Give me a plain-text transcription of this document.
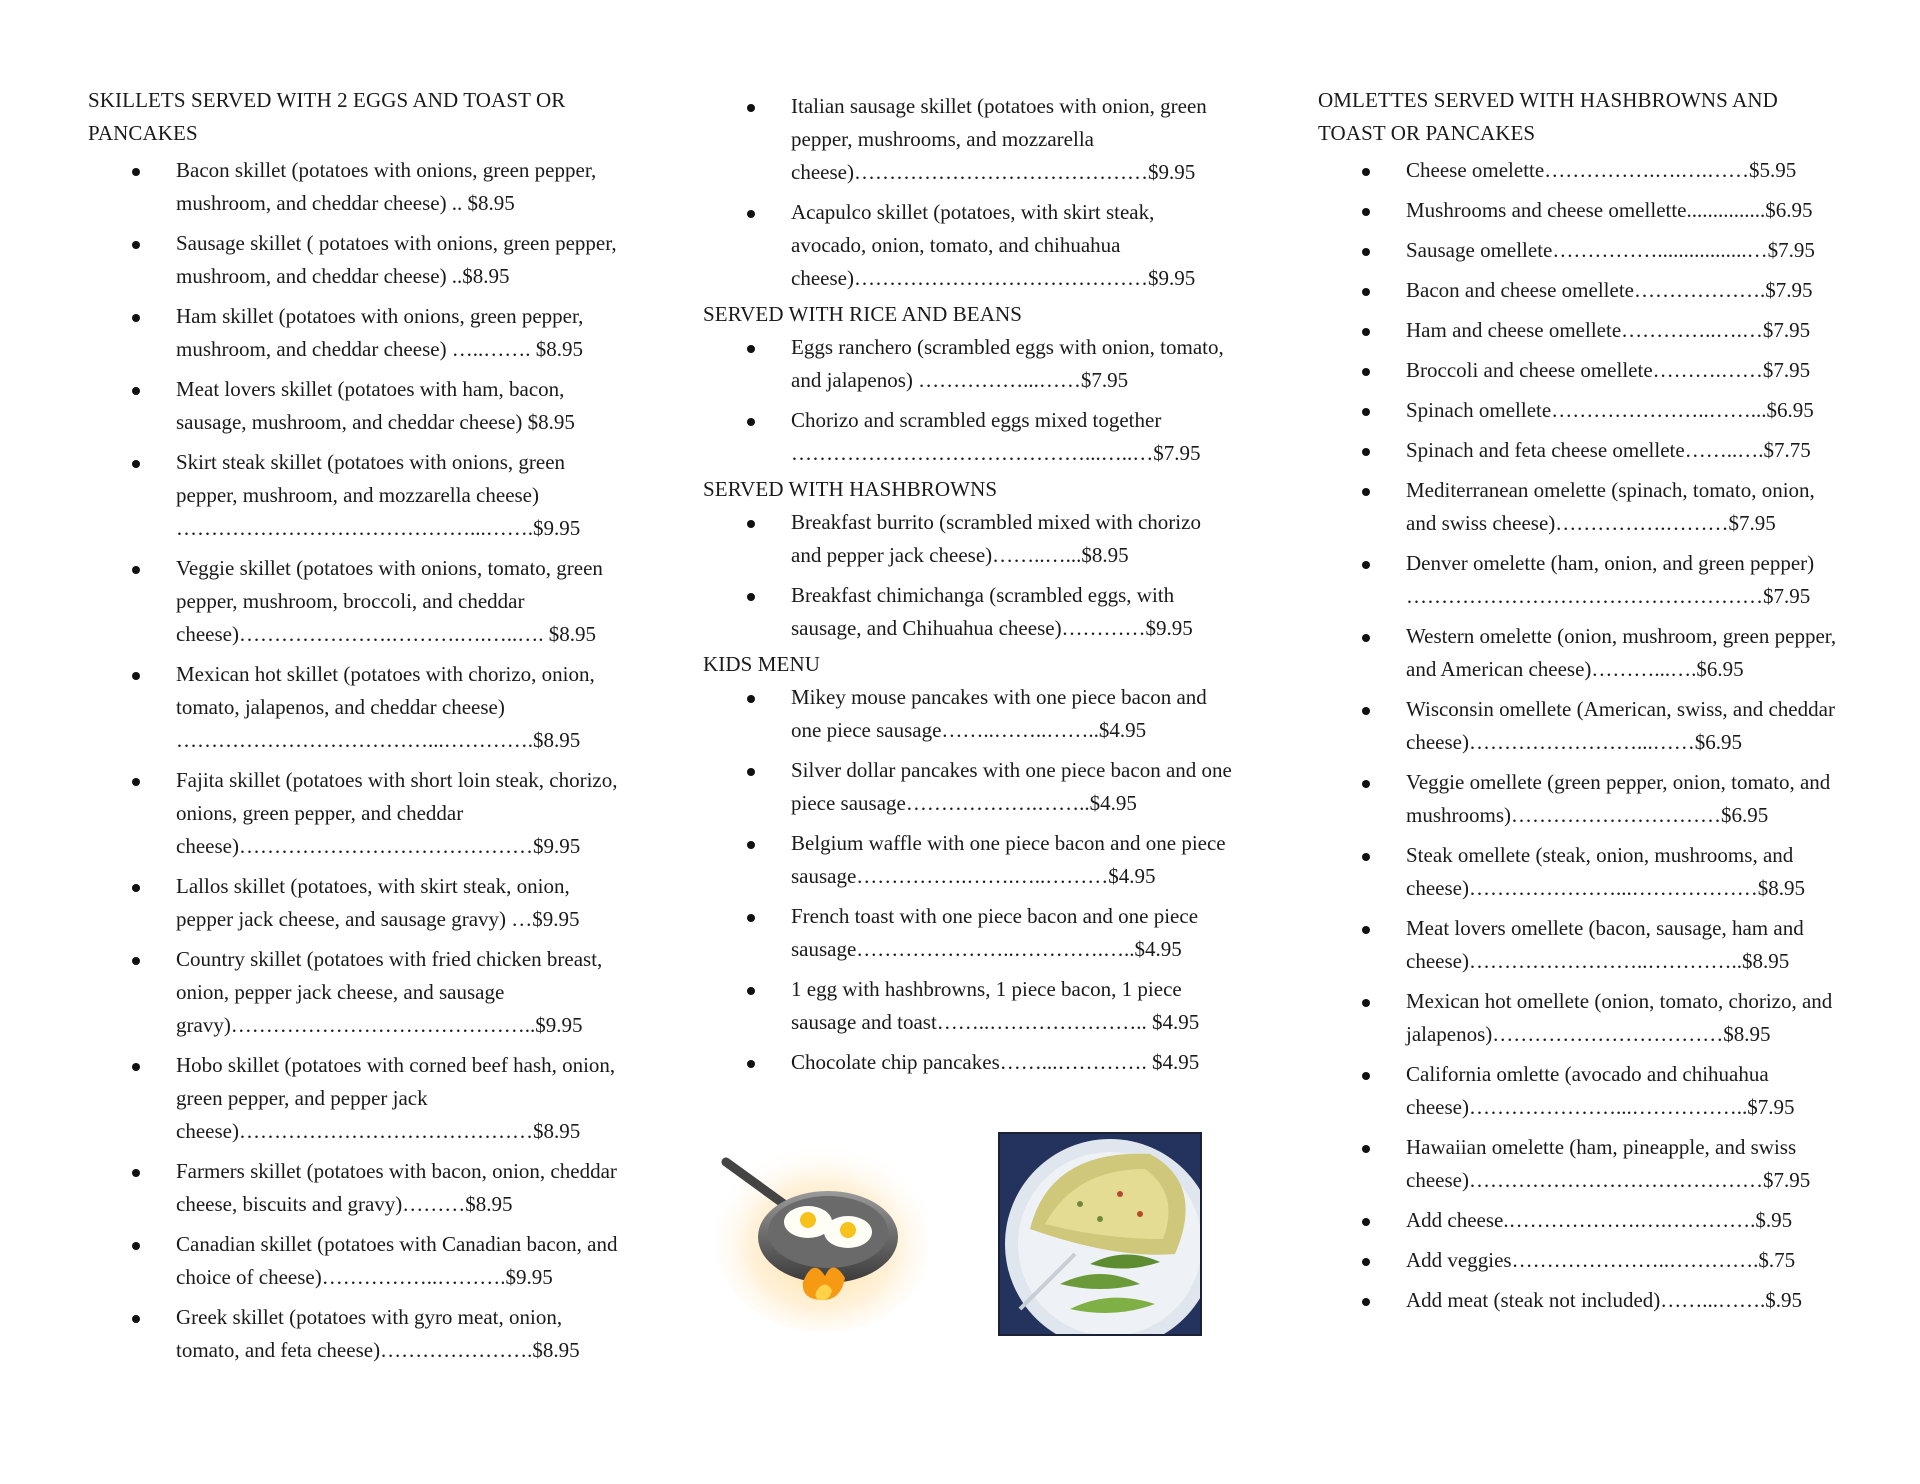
SKILLETS SERVED WITH 2 EGGS AND TOAST OR PANCAKES

Bacon skillet (potatoes with onions, green pepper, mushroom, and cheddar cheese) .. $8.95
Sausage skillet ( potatoes with onions, green pepper, mushroom, and cheddar cheese) ..$8.95
Ham skillet (potatoes with onions, green pepper, mushroom, and cheddar cheese) …..……. $8.95
Meat lovers skillet (potatoes with ham, bacon, sausage, mushroom, and cheddar cheese) $8.95
Skirt steak skillet (potatoes with onions, green pepper, mushroom, and mozzarella cheese) ……………………………………...…….$9.95
Veggie skillet (potatoes with onions, tomato, green pepper, mushroom, broccoli, and cheddar cheese)………………….……….….…..…. $8.95
Mexican hot skillet (potatoes with chorizo, onion, tomato, jalapenos, and cheddar cheese) ………………………………...………….$8.95
Fajita skillet (potatoes with short loin steak, chorizo, onions, green pepper, and cheddar cheese)……………………………………$9.95
Lallos skillet (potatoes, with skirt steak, onion, pepper jack cheese, and sausage gravy) …$9.95
Country skillet (potatoes with fried chicken breast, onion, pepper jack cheese, and sausage gravy)……………………………………..$9.95
Hobo skillet (potatoes with corned beef hash, onion, green pepper, and pepper jack cheese)……………………………………$8.95
Farmers skillet (potatoes with bacon, onion, cheddar cheese, biscuits and gravy)………$8.95
Canadian skillet (potatoes with Canadian bacon, and choice of cheese)……………..……….$9.95
Greek skillet (potatoes with gyro meat, onion, tomato, and feta cheese)………………….$8.95
Italian sausage skillet (potatoes with onion, green pepper, mushrooms, and mozzarella cheese)……………………………………$9.95
Acapulco skillet (potatoes, with skirt steak, avocado, onion, tomato, and chihuahua cheese)……………………………………$9.95

SERVED WITH RICE AND BEANS

Eggs ranchero (scrambled eggs with onion, tomato, and jalapenos) ……………...……$7.95
Chorizo and scrambled eggs mixed together ……………………………………...…..…$7.95

SERVED WITH HASHBROWNS

Breakfast burrito (scrambled mixed with chorizo and pepper jack cheese)……..…...$8.95
Breakfast chimichanga (scrambled eggs, with sausage, and Chihuahua cheese)…………$9.95

KIDS MENU

Mikey mouse pancakes with one piece bacon and one piece sausage……..……..……..$4.95
Silver dollar pancakes with one piece bacon and one piece sausage……………….……..$4.95
Belgium waffle with one piece bacon and one piece sausage…………….…….…..………$4.95
French toast with one piece bacon and one piece sausage…………………..………….…..$4.95
1 egg with hashbrowns, 1 piece bacon, 1 piece sausage and toast……..………………….. $4.95
Chocolate chip pancakes……...…………. $4.95

OMLETTES SERVED WITH HASHBROWNS AND TOAST OR PANCAKES

Cheese omelette…………….….….……$5.95
Mushrooms and cheese omellette...............$6.95
Sausage omellete…………….................…$7.95
Bacon and cheese omellete……………….$7.95
Ham and cheese omellete…………..….…$7.95
Broccoli and cheese omellete……….……$7.95
Spinach omellete…………………..……...$6.95
Spinach and feta cheese omellete……..….$7.75
Mediterranean omelette (spinach, tomato, onion, and swiss cheese)…………….………$7.95
Denver omelette (ham, onion, and green pepper) ……………………………………………$7.95
Western omelette (onion, mushroom, green pepper, and American cheese)………...….$6.95
Wisconsin omellete (American, swiss, and cheddar cheese)……………………...……$6.95
Veggie omellete (green pepper, onion, tomato, and mushrooms)…………………………$6.95
Steak omellete (steak, onion, mushrooms, and cheese)…………………...………………$8.95
Meat lovers omellete (bacon, sausage, ham and cheese)……………………..…………..$8.95
Mexican hot omellete (onion, tomato, chorizo, and jalapenos)……………………………$8.95
California omlette (avocado and chihuahua cheese)…………………...……………..$7.95
Hawaiian omelette (ham, pineapple, and swiss cheese)……………………………………$7.95
Add cheese.……………….….………….$.95
Add veggies…………………..………….$.75
Add meat (steak not included)……...…….$.95
